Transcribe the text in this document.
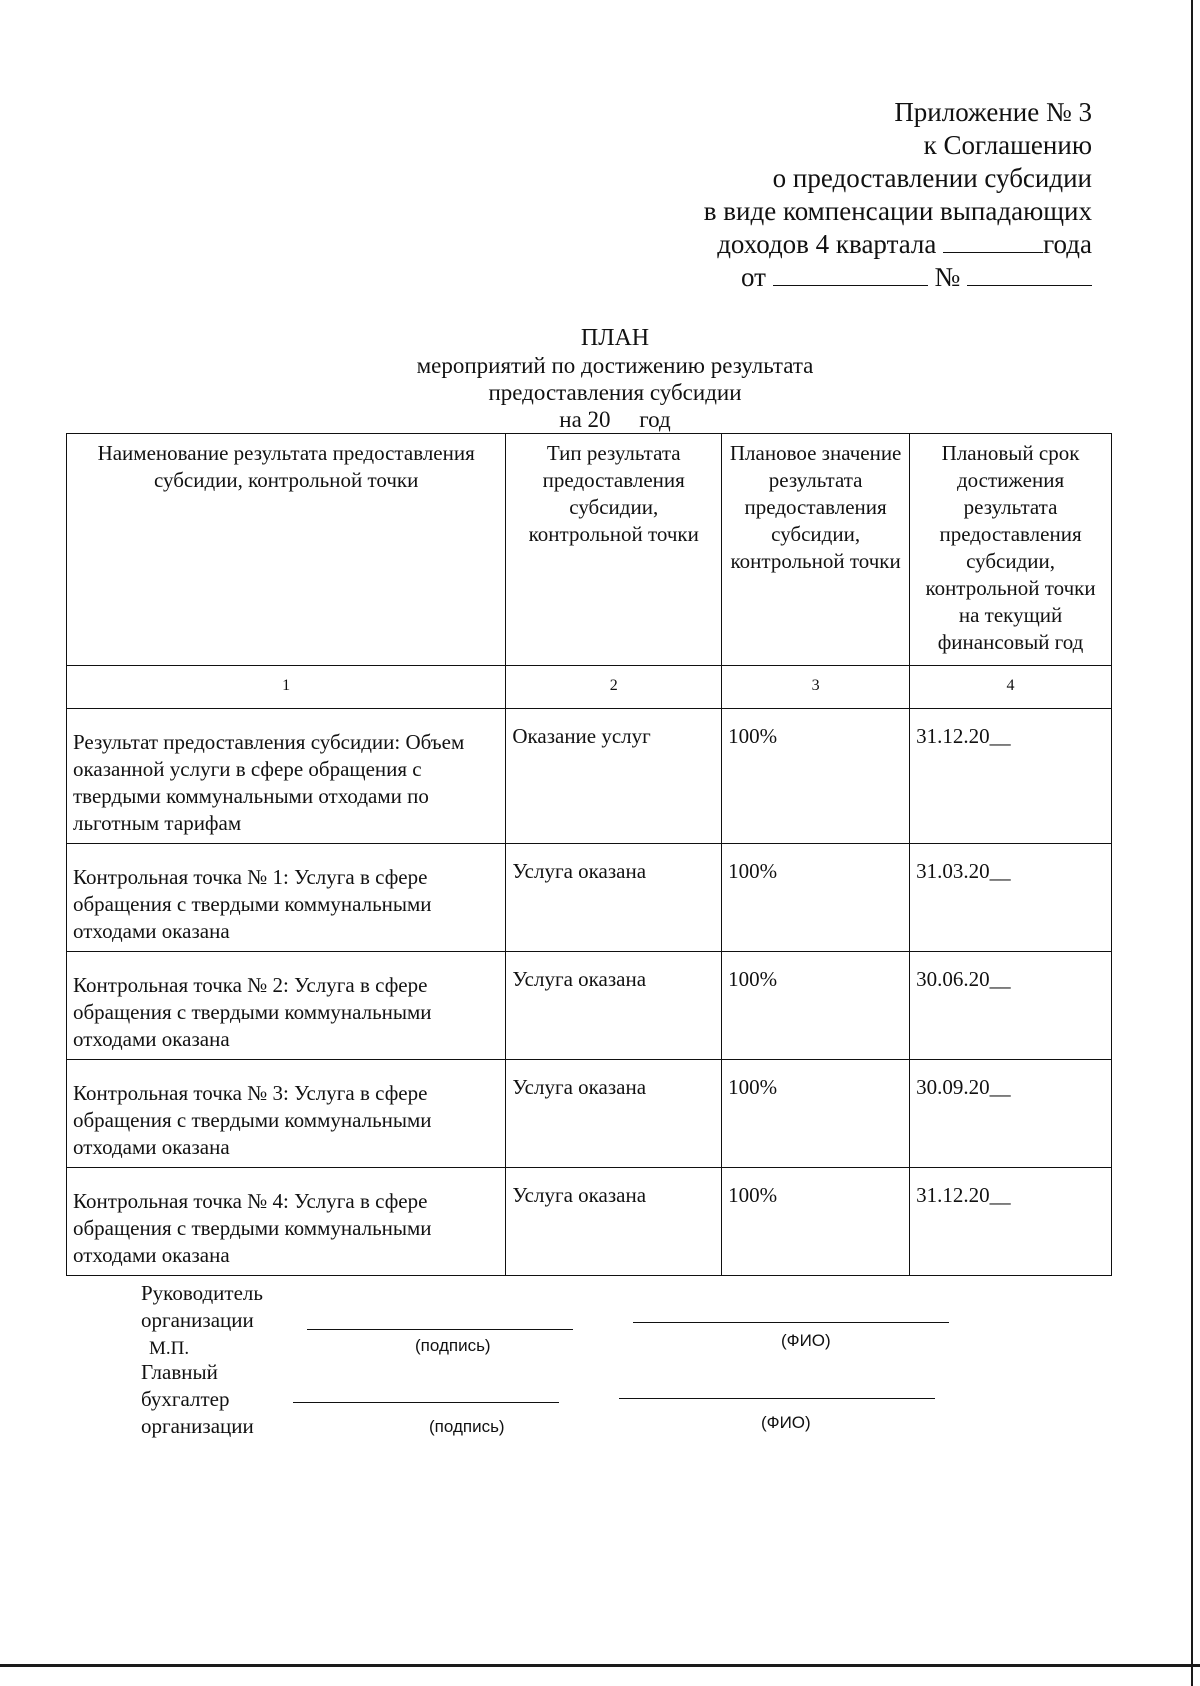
Приложение № 3
к Соглашению
о предоставлении субсидии
в виде компенсации выпадающих
доходов 4 квартала	года
от	№
ПЛАН
мероприятий по достижению результата
предоставления субсидии
на 20     год
Наименование результата предоставления субсидии, контрольной точки	Тип результата предоставления субсидии, контрольной точки	Плановое значение результата предоставления субсидии, контрольной точки	Плановый срок достижения результата предоставления субсидии, контрольной точки на текущий финансовый год
1	2	3	4
Результат предоставления субсидии: Объем оказанной услуги в сфере обращения с твердыми коммунальными отходами по льготным тарифам	Оказание услуг	100%	31.12.20__
Контрольная точка № 1: Услуга в сфере обращения с твердыми коммунальными отходами оказана	Услуга оказана	100%	31.03.20__
Контрольная точка № 2: Услуга в сфере обращения с твердыми коммунальными отходами оказана	Услуга оказана	100%	30.06.20__
Контрольная точка № 3: Услуга в сфере обращения с твердыми коммунальными отходами оказана	Услуга оказана	100%	30.09.20__
Контрольная точка № 4: Услуга в сфере обращения с твердыми коммунальными отходами оказана	Услуга оказана	100%	31.12.20__
Руководитель
организации
М.П.	(подпись)	(ФИО)
Главный
бухгалтер
организации	(подпись)	(ФИО)
